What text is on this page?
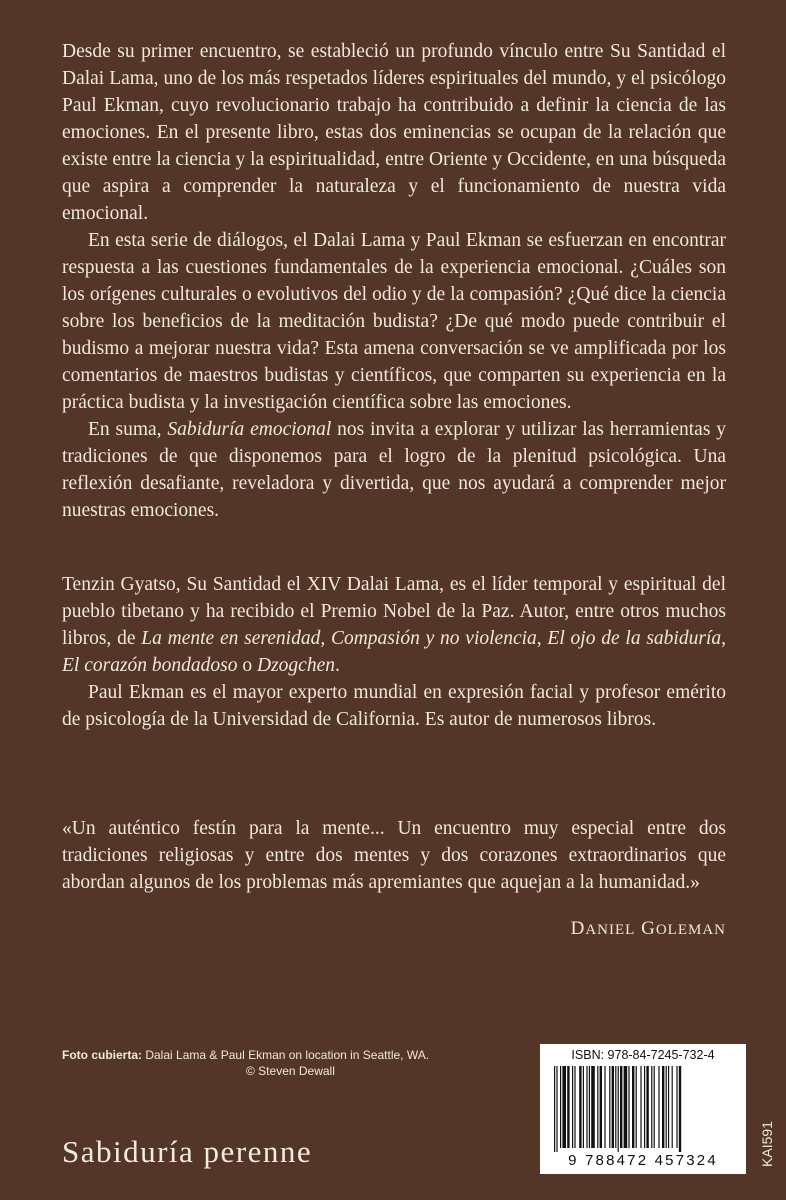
Desde su primer encuentro, se estableció un profundo vínculo entre Su Santidad el Dalai Lama, uno de los más respetados líderes espirituales del mundo, y el psicólogo Paul Ekman, cuyo revolucionario trabajo ha contribuido a definir la ciencia de las emociones. En el presente libro, estas dos eminencias se ocupan de la relación que existe entre la ciencia y la espiritualidad, entre Oriente y Occidente, en una búsqueda que aspira a comprender la naturaleza y el funcionamiento de nuestra vida emocional.

En esta serie de diálogos, el Dalai Lama y Paul Ekman se esfuerzan en encontrar respuesta a las cuestiones fundamentales de la experiencia emocional. ¿Cuáles son los orígenes culturales o evolutivos del odio y de la compasión? ¿Qué dice la ciencia sobre los beneficios de la meditación budista? ¿De qué modo puede contribuir el budismo a mejorar nuestra vida? Esta amena conversación se ve amplificada por los comentarios de maestros budistas y científicos, que comparten su experiencia en la práctica budista y la investigación científica sobre las emociones.

En suma, Sabiduría emocional nos invita a explorar y utilizar las herramientas y tradiciones de que disponemos para el logro de la plenitud psicológica. Una reflexión desafiante, reveladora y divertida, que nos ayudará a comprender mejor nuestras emociones.

Tenzin Gyatso, Su Santidad el XIV Dalai Lama, es el líder temporal y espiritual del pueblo tibetano y ha recibido el Premio Nobel de la Paz. Autor, entre otros muchos libros, de La mente en serenidad, Compasión y no violencia, El ojo de la sabiduría, El corazón bondadoso o Dzogchen.

Paul Ekman es el mayor experto mundial en expresión facial y profesor emérito de psicología de la Universidad de California. Es autor de numerosos libros.

«Un auténtico festín para la mente... Un encuentro muy especial entre dos tradiciones religiosas y entre dos mentes y dos corazones extraordinarios que abordan algunos de los problemas más apremiantes que aquejan a la humanidad.»

DANIEL GOLEMAN
Foto cubierta: Dalai Lama & Paul Ekman on location in Seattle, WA.
© Steven Dewall
Sabiduría perenne
ISBN: 978-84-7245-732-4
9 788472 457324	KAI591
